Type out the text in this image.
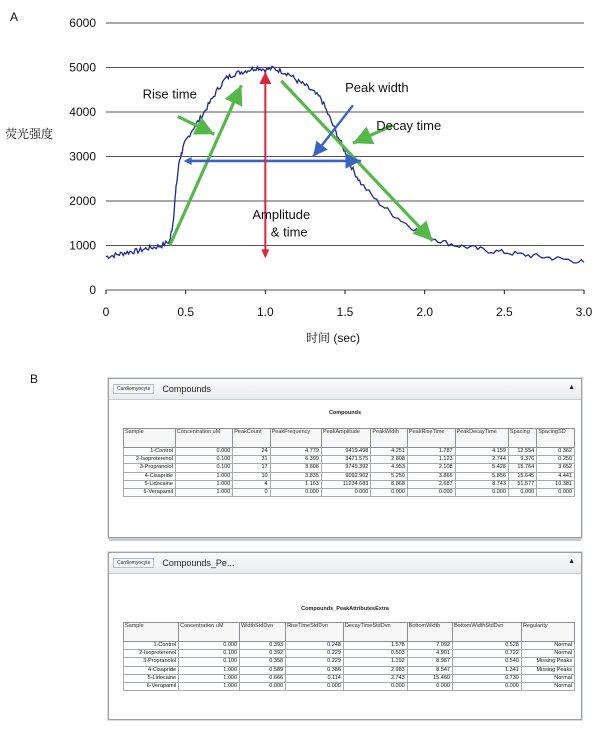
A
B
0
1000
2000
3000
4000
5000
6000
0	0.5	1.0	1.5	2.0	2.5	3.0
时间 (sec)
荧光强度
Rise time	Peak width
Decay time
Amplitude
& time
Cardiomyocyte	Compounds	▲
Compounds
Sample	Concentration uM	PeakCount	PeakFrequency	PeakAmplitude	PeakWidth	PeakRiseTime	PeakDecayTime	Spacing	SpacingSD
1-Control	0.000	24	4.779	9419.498	4.251	1.787	4.159	12.554	0.362
2-Isoproterenol	0.100	31	6.399	3471.575	2.808	1.123	2.744	9.376	0.250
3-Propranolol	0.100	17	3.806	9749.392	4.953	2.108	5.428	15.764	3.652
4-Cisapride	1.000	10	3.835	9092.902	5.250	3.866	5.856	15.645	4.441
5-Lidocaine	1.000	4	1.163	11234.683	8.868	2.687	8.743	51.577	10.381
6-Verapamil	1.000	0	0.000	0.000	0.000	0.000	0.000	0.000	0.000
Cardiomyocyte	Compounds_Pe...	▲
Compounds_PeakAttributesExtra
Sample	Concentration uM	WidthStdDvn	RiseTimeStdDvn	DecayTimeStdDvn	BottomWidth	BottomWidthStdDvn	Regularity
1-Control	0.000	0.393	0.248	1.578	7.092	0.528	Normal
2-Isoproterenol	0.100	0.392	0.229	0.503	4.901	0.722	Normal
3-Propranolol	0.100	0.358	0.229	1.192	8.987	0.540	Missing Peaks
4-Cisapride	1.000	0.589	0.386	2.983	8.547	1.341	Missing Peaks
5-Lidocaine	1.000	0.666	0.114	2.743	15.460	0.730	Normal
6-Verapamil	1.000	0.000	0.000	0.000	0.000	0.000	Normal
